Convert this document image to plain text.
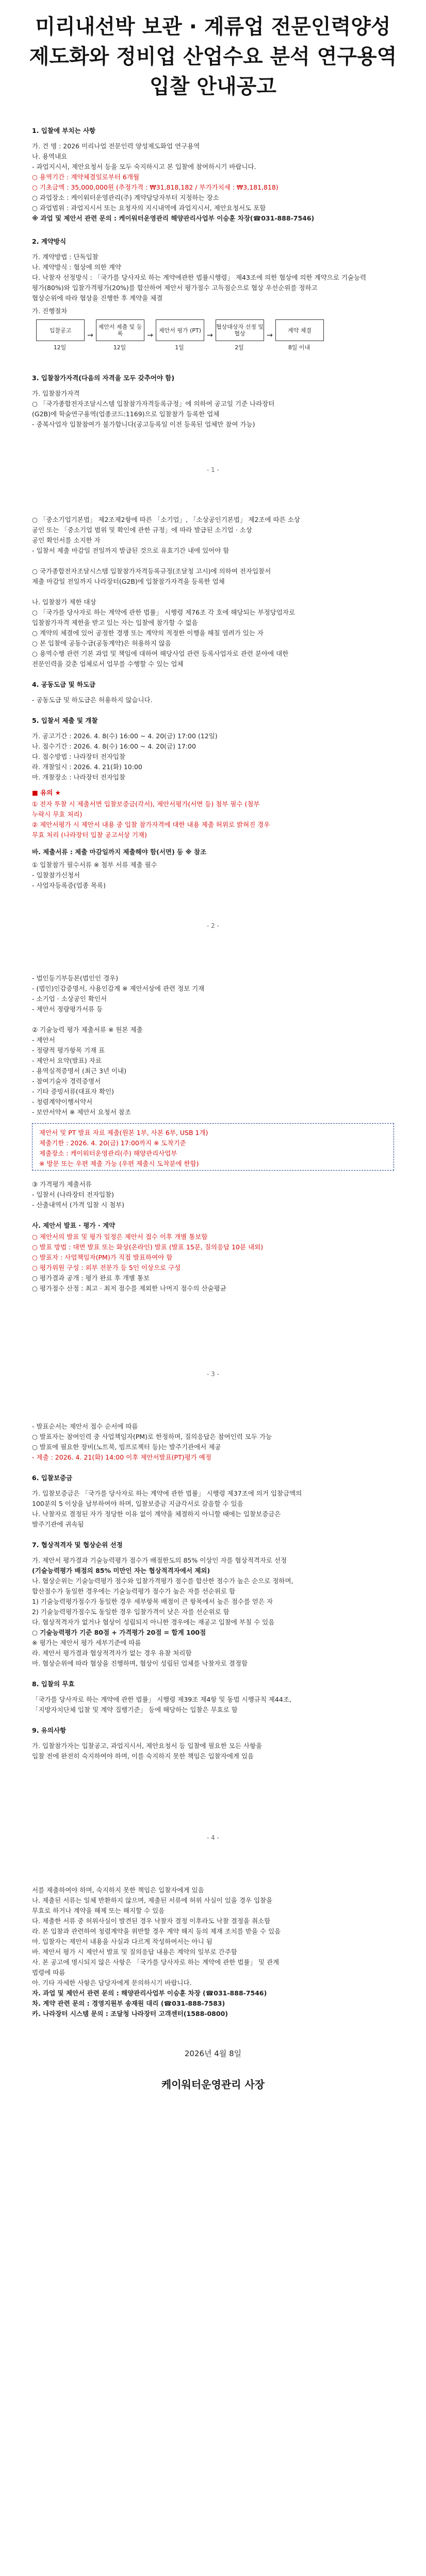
미리내선박 보관 · 계류업 전문인력양성
제도화와 정비업 산업수요 분석 연구용역
입찰 안내공고
1. 입찰에 부치는 사항
가. 건 명 : 2026 미리나업 전문인력 양성제도화업 연구용역
나. 용역내요
- 과업지시서, 제안요청서 등을 모두 숙지하시고 본 입찰에 참여하시기 바랍니다.
○ 용역기간 : 계약체결일로부터 6개월
○ 기초금액 : 35,000,000원 (추정가격 : ₩31,818,182 / 부가가치세 : ₩3,181,818)
○ 과업장소 : 케이워터운영관리(주) 계약담당자부터 지정하는 장소
○ 과업범위 : 과업지시서 또는 요청자의 지시내역에 과업지시서, 제안요청서도 포함
※ 과업 및 제안서 관련 문의 : 케이워터운영관리 해양관리사업부 이승훈 차장(☎031-888-7546)
2. 계약방식
가. 계약방법 : 단독입찰
나. 계약방식 : 협상에 의한 계약
다. 낙찰자 선정방식 : 「국가를 당사자로 하는 계약에관한 법률시행령」 제43조에 의한 협상에 의한 계약으로 기술능력
평가(80%)와 입찰가격평가(20%)를 합산하여 제안서 평가점수 고득점순으로 협상 우선순위를 정하고
협상순위에 따라 협상을 진행한 후 계약을 체결
가. 진행절차
입찰공고
12일
→
제안서 제출 및 등록
12일
→
제안서 평가 (PT)
1일
→
협상대상자 선정 및 협상
2일
→
계약 체결
8일 이내
3. 입찰참가자격(다음의 자격을 모두 갖추어야 함)
가. 입찰참가자격
○ 「국가종합전자조달시스템 입찰참가자격등록규정」에 의하여 공고일 기준 나라장터
(G2B)에 학술연구용역(업종코드:1169)으로 입찰참가 등록한 업체
- 중복사업자 입찰참여가 불가합니다(공고등록일 이전 등록된 업체만 참여 가능)
- 1 -
○ 「중소기업기본법」 제2조제2항에 따른 「소기업」, 「소상공인기본법」 제2조에 따른 소상
공인 또는 「중소기업 범위 및 확인에 관한 규정」에 따라 발급된 소기업 · 소상
공인 확인서를 소지한 자
- 입찰서 제출 마감일 전일까지 발급된 것으로 유효기간 내에 있어야 함
○ 국가종합전자조달시스템 입찰참가자격등록규정(조달청 고시)에 의하여 전자입찰서
제출 마감일 전일까지 나라장터(G2B)에 입찰참가자격을 등록한 업체
나. 입찰참가 제한 대상
○ 「국가를 당사자로 하는 계약에 관한 법률」 시행령 제76조 각 호에 해당되는 부정당업자로
입찰참가자격 제한을 받고 있는 자는 입찰에 참가할 수 없음
○ 계약의 체결에 있어 공정한 경쟁 또는 계약의 적정한 이행을 해칠 염려가 있는 자
○ 본 입찰에 공동수급(공동계약)은 허용하지 않음
○ 용역수행 관련 기본 과업 및 책임에 대하여 해당사업 관련 등록사업자로 관련 분야에 대한
전문인력을 갖춘 업체로서 업무를 수행할 수 있는 업체
4. 공동도급 및 하도급
- 공동도급 및 하도급은 허용하지 않습니다.
5. 입찰서 제출 및 개찰
가. 공고기간 : 2026. 4. 8(수) 16:00 ~ 4. 20(금) 17:00 (12일)
나. 접수기간 : 2026. 4. 8(수) 16:00 ~ 4. 20(금) 17:00
다. 접수방법 : 나라장터 전자입찰
라. 개찰일시 : 2026. 4. 21(화) 10:00
마. 개찰장소 : 나라장터 전자입찰
■ 유의 ★
① 전자 투찰 시 제출서면 입찰보증금(각서), 제안서평가(서면 등) 첨부 필수 (첨부
누락시 무효 처리)
② 제안서평가 시 제안서 내용 중 입찰 참가자격에 대한 내용 제출 허위로 밝혀진 경우
무효 처리 (나라장터 입찰 공고서상 기재)
바. 제출서류 : 제출 마감일까지 제출해야 함(서면) 등 ※ 참조
① 입찰참가 필수서류 ※ 첨부 서류 제출 필수
- 입찰참가신청서
- 사업자등록증(업종 목록)
- 2 -
- 법인등기부등본(법인인 경우)
- (법인)인감증명서, 사용인감계 ※ 제안서상에 관련 정보 기재
- 소기업 · 소상공인 확인서
- 제안서 정량평가서류 등
② 기술능력 평가 제출서류 ※ 원본 제출
- 제안서
- 정량적 평가항목 기재 표
- 제안서 요약(발표) 자료
- 용역실적증명서 (최근 3년 이내)
- 참여기술자 경력증명서
- 기타 증빙서류(대표자 확인)
- 청렴계약이행서약서
- 보안서약서 ※ 제안서 요청서 참조
제안서 및 PT 발표 자료 제출(원본 1부, 사본 6부, USB 1개)
제출기한 : 2026. 4. 20(금) 17:00까지 ※ 도착기준
제출장소 : 케이워터운영관리(주) 해양관리사업부
※ 방문 또는 우편 제출 가능 (우편 제출시 도착분에 한함)
③ 가격평가 제출서류
- 입찰서 (나라장터 전자입찰)
- 산출내역서 (가격 입찰 시 첨부)
사. 제안서 발표 · 평가 · 계약
○ 제안서의 발표 및 평가 일정은 제안서 접수 이후 개별 통보함
○ 발표 방법 : 대면 발표 또는 화상(온라인) 발표 (발표 15분, 질의응답 10분 내외)
○ 발표자 : 사업책임자(PM)가 직접 발표하여야 함
○ 평가위원 구성 : 외부 전문가 등 5인 이상으로 구성
○ 평가결과 공개 : 평가 완료 후 개별 통보
○ 평가점수 산정 : 최고 · 최저 점수를 제외한 나머지 점수의 산술평균
- 3 -
- 발표순서는 제안서 접수 순서에 따름
○ 발표자는 참여인력 중 사업책임자(PM)로 한정하며, 질의응답은 참여인력 모두 가능
○ 발표에 필요한 장비(노트북, 빔프로젝터 등)는 발주기관에서 제공
- 제출 : 2026. 4. 21(화) 14:00 이후 제안서발표(PT)평가 예정
6. 입찰보증금
가. 입찰보증금은 「국가를 당사자로 하는 계약에 관한 법률」 시행령 제37조에 의거 입찰금액의
100분의 5 이상을 납부하여야 하며, 입찰보증금 지급각서로 갈음할 수 있음
나. 낙찰자로 결정된 자가 정당한 이유 없이 계약을 체결하지 아니할 때에는 입찰보증금은
발주기관에 귀속됨
7. 협상적격자 및 협상순위 선정
가. 제안서 평가결과 기술능력평가 점수가 배점한도의 85% 이상인 자를 협상적격자로 선정
(기술능력평가 배점의 85% 미만인 자는 협상적격자에서 제외)
나. 협상순위는 기술능력평가 점수와 입찰가격평가 점수를 합산한 점수가 높은 순으로 정하며,
합산점수가 동일한 경우에는 기술능력평가 점수가 높은 자를 선순위로 함
1) 기술능력평가점수가 동일한 경우 세부항목 배점이 큰 항목에서 높은 점수를 얻은 자
2) 기술능력평가점수도 동일한 경우 입찰가격이 낮은 자를 선순위로 함
다. 협상적격자가 없거나 협상이 성립되지 아니한 경우에는 재공고 입찰에 부칠 수 있음
○ 기술능력평가 기준 80점 + 가격평가 20점 = 합계 100점
※ 평가는 제안서 평가 세부기준에 따름
라. 제안서 평가결과 협상적격자가 없는 경우 유찰 처리함
마. 협상순위에 따라 협상을 진행하며, 협상이 성립된 업체를 낙찰자로 결정함
8. 입찰의 무효
「국가를 당사자로 하는 계약에 관한 법률」 시행령 제39조 제4항 및 동법 시행규칙 제44조,
「지방자치단체 입찰 및 계약 집행기준」 등에 해당하는 입찰은 무효로 함
9. 유의사항
가. 입찰참가자는 입찰공고, 과업지시서, 제안요청서 등 입찰에 필요한 모든 사항을
입찰 전에 완전히 숙지하여야 하며, 이를 숙지하지 못한 책임은 입찰자에게 있음
- 4 -
서를 제출하여야 하며, 숙지하지 못한 책임은 입찰자에게 있음
나. 제출된 서류는 일체 반환하지 않으며, 제출된 서류에 허위 사실이 있을 경우 입찰을
무효로 하거나 계약을 해제 또는 해지할 수 있음
다. 제출한 서류 중 허위사실이 발견된 경우 낙찰자 결정 이후라도 낙찰 결정을 취소함
라. 본 입찰과 관련하여 청렴계약을 위반할 경우 계약 해지 등의 제재 조치를 받을 수 있음
마. 입찰자는 제안서 내용을 사실과 다르게 작성하여서는 아니 됨
바. 제안서 평가 시 제안서 발표 및 질의응답 내용은 계약의 일부로 간주함
사. 본 공고에 명시되지 않은 사항은 「국가를 당사자로 하는 계약에 관한 법률」 및 관계
법령에 따름
아. 기타 자세한 사항은 담당자에게 문의하시기 바랍니다.
자. 과업 및 제안서 관련 문의 : 해양관리사업부 이승훈 차장 (☎031-888-7546)
차. 계약 관련 문의 : 경영지원부 송재원 대리 (☎031-888-7583)
카. 나라장터 시스템 문의 : 조달청 나라장터 고객센터(1588-0800)
2026년 4월 8일
케이워터운영관리 사장
